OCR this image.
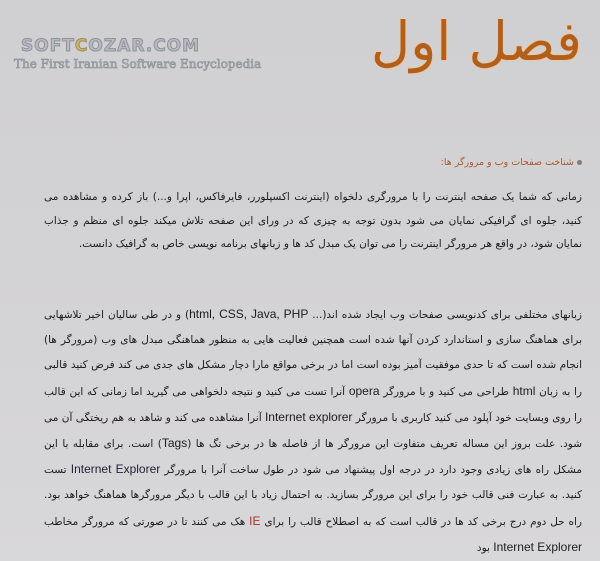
SOFTCOZAR.COM
The First Iranian Software Encyclopedia فصل اول
شناخت صفحات وب و مرورگر ها:

زمانی که شما یک صفحه اینترنت را با مرورگری دلخواه (اینترنت اکسپلورر، فایرفاکس، اپرا و...) باز کرده و مشاهده می کنید، جلوه ای گرافیکی نمایان می شود بدون توجه به چیزی که در ورای این صفحه تلاش میکند جلوه ای منظم و جذاب نمایان شود، در واقع هر مرورگر اینترنت را می توان یک مبدل کد ها و زبانهای برنامه نویسی خاص به گرافیک دانست.

زبانهای مختلفی برای کدنویسی صفحات وب ایجاد شده اند(... html, CSS, Java, PHP) و در طی سالیان اخیر تلاشهایی برای هماهنگ سازی و استاندارد کردن آنها شده است همچنین فعالیت هایی به منظور هماهنگی مبدل های وب (مرورگر ها) انجام شده است که تا حدی موفقیت آمیز بوده است اما در برخی مواقع مارا دچار مشکل های جدی می کند فرض کنید قالبی را به زبان html طراحی می کنید و با مرورگر opera آنرا تست می کنید و نتیجه دلخواهی می گیرید اما زمانی که این قالب را روی وبسایت خود آپلود می کنید کاربری با مرورگر Internet explorer آنرا مشاهده می کند و شاهد به هم ریختگی آن می شود. علت بروز این مساله تعریف متفاوت این مرورگر ها از فاصله ها در برخی تگ ها (Tags) است. برای مقابله با این مشکل راه های زیادی وجود دارد در درجه اول پیشنهاد می شود در طول ساخت آنرا با مرورگر Internet Explorer تست کنید. به عبارت فنی قالب خود را برای این مرورگر بسازید. به احتمال زیاد با این قالب با دیگر مرورگرها هماهنگ خواهد بود. راه حل دوم درج برخی کد ها در قالب است که به اصطلاح قالب را برای IE هک می کنند تا در صورتی که مرورگر مخاطب Internet Explorer بود
